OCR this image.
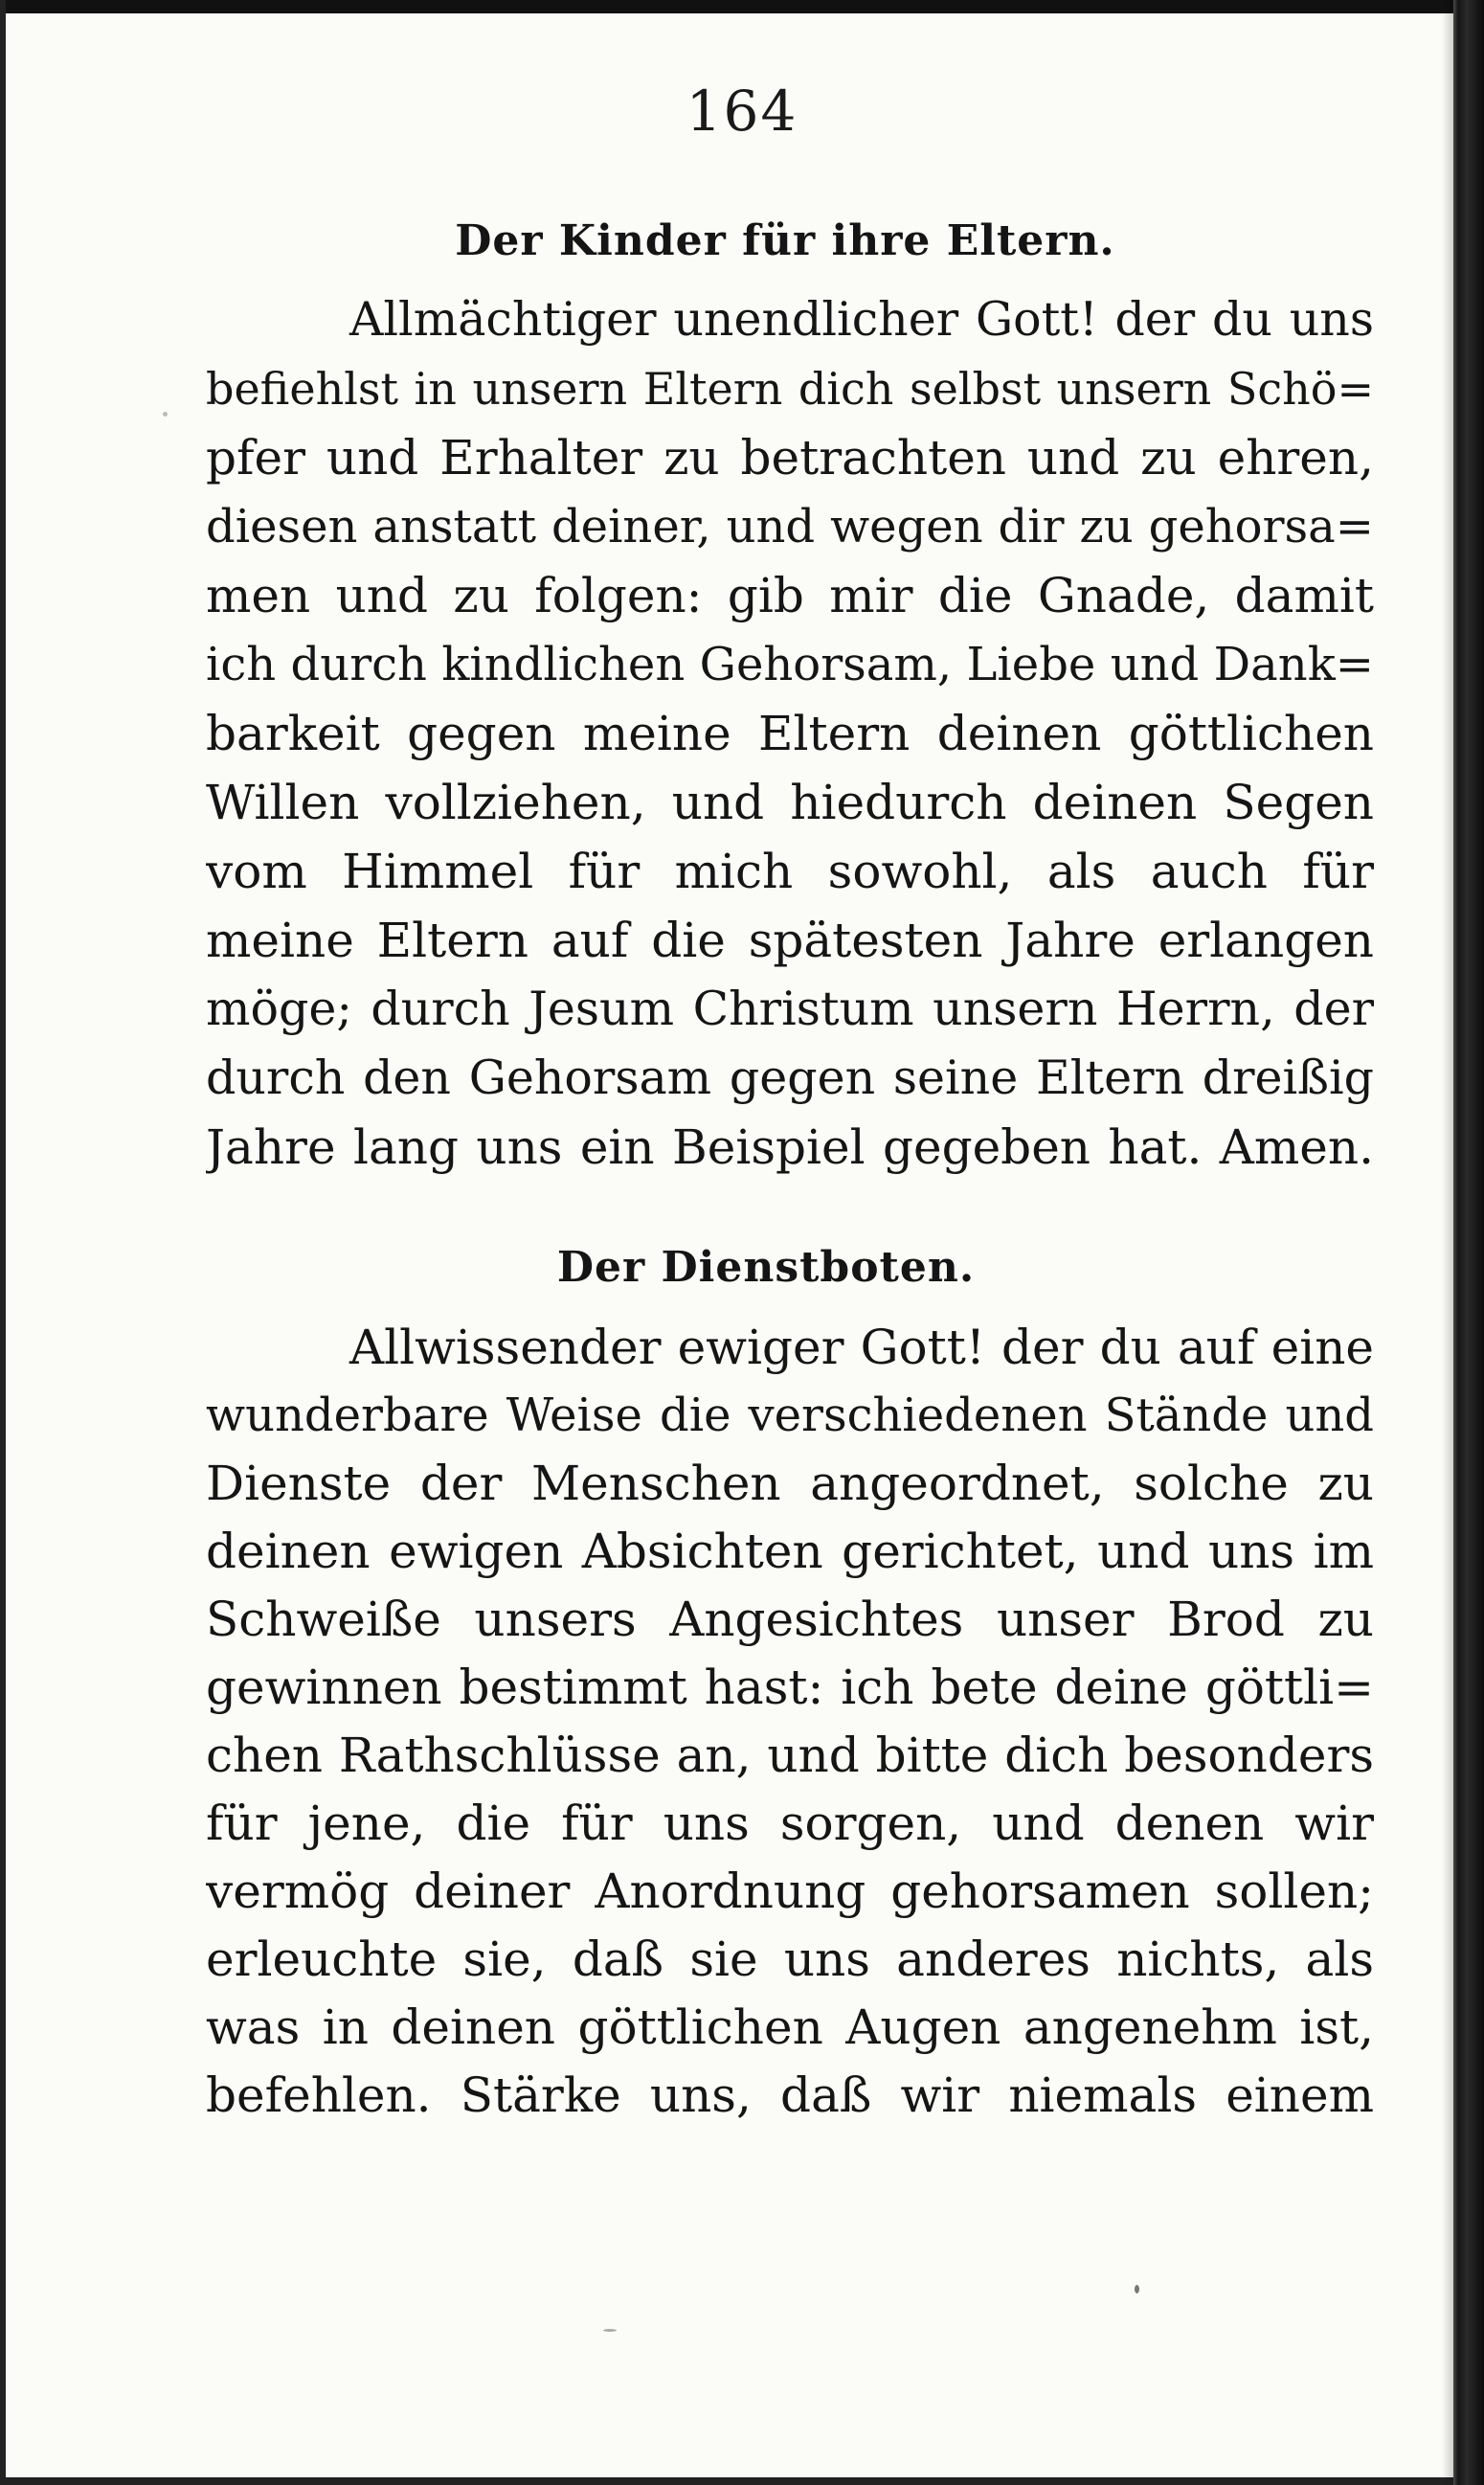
164
Der Kinder für ihre Eltern.
Allmächtiger unendlicher Gott! der du uns
befiehlst in unsern Eltern dich selbst unsern Schö=
pfer und Erhalter zu betrachten und zu ehren,
diesen anstatt deiner, und wegen dir zu gehorsa=
men und zu folgen: gib mir die Gnade, damit
ich durch kindlichen Gehorsam, Liebe und Dank=
barkeit gegen meine Eltern deinen göttlichen
Willen vollziehen, und hiedurch deinen Segen
vom Himmel für mich sowohl, als auch für
meine Eltern auf die spätesten Jahre erlangen
möge; durch Jesum Christum unsern Herrn, der
durch den Gehorsam gegen seine Eltern dreißig
Jahre lang uns ein Beispiel gegeben hat. Amen.
Der Dienstboten.
Allwissender ewiger Gott! der du auf eine
wunderbare Weise die verschiedenen Stände und
Dienste der Menschen angeordnet, solche zu
deinen ewigen Absichten gerichtet, und uns im
Schweiße unsers Angesichtes unser Brod zu
gewinnen bestimmt hast: ich bete deine göttli=
chen Rathschlüsse an, und bitte dich besonders
für jene, die für uns sorgen, und denen wir
vermög deiner Anordnung gehorsamen sollen;
erleuchte sie, daß sie uns anderes nichts, als
was in deinen göttlichen Augen angenehm ist,
befehlen. Stärke uns, daß wir niemals einem
